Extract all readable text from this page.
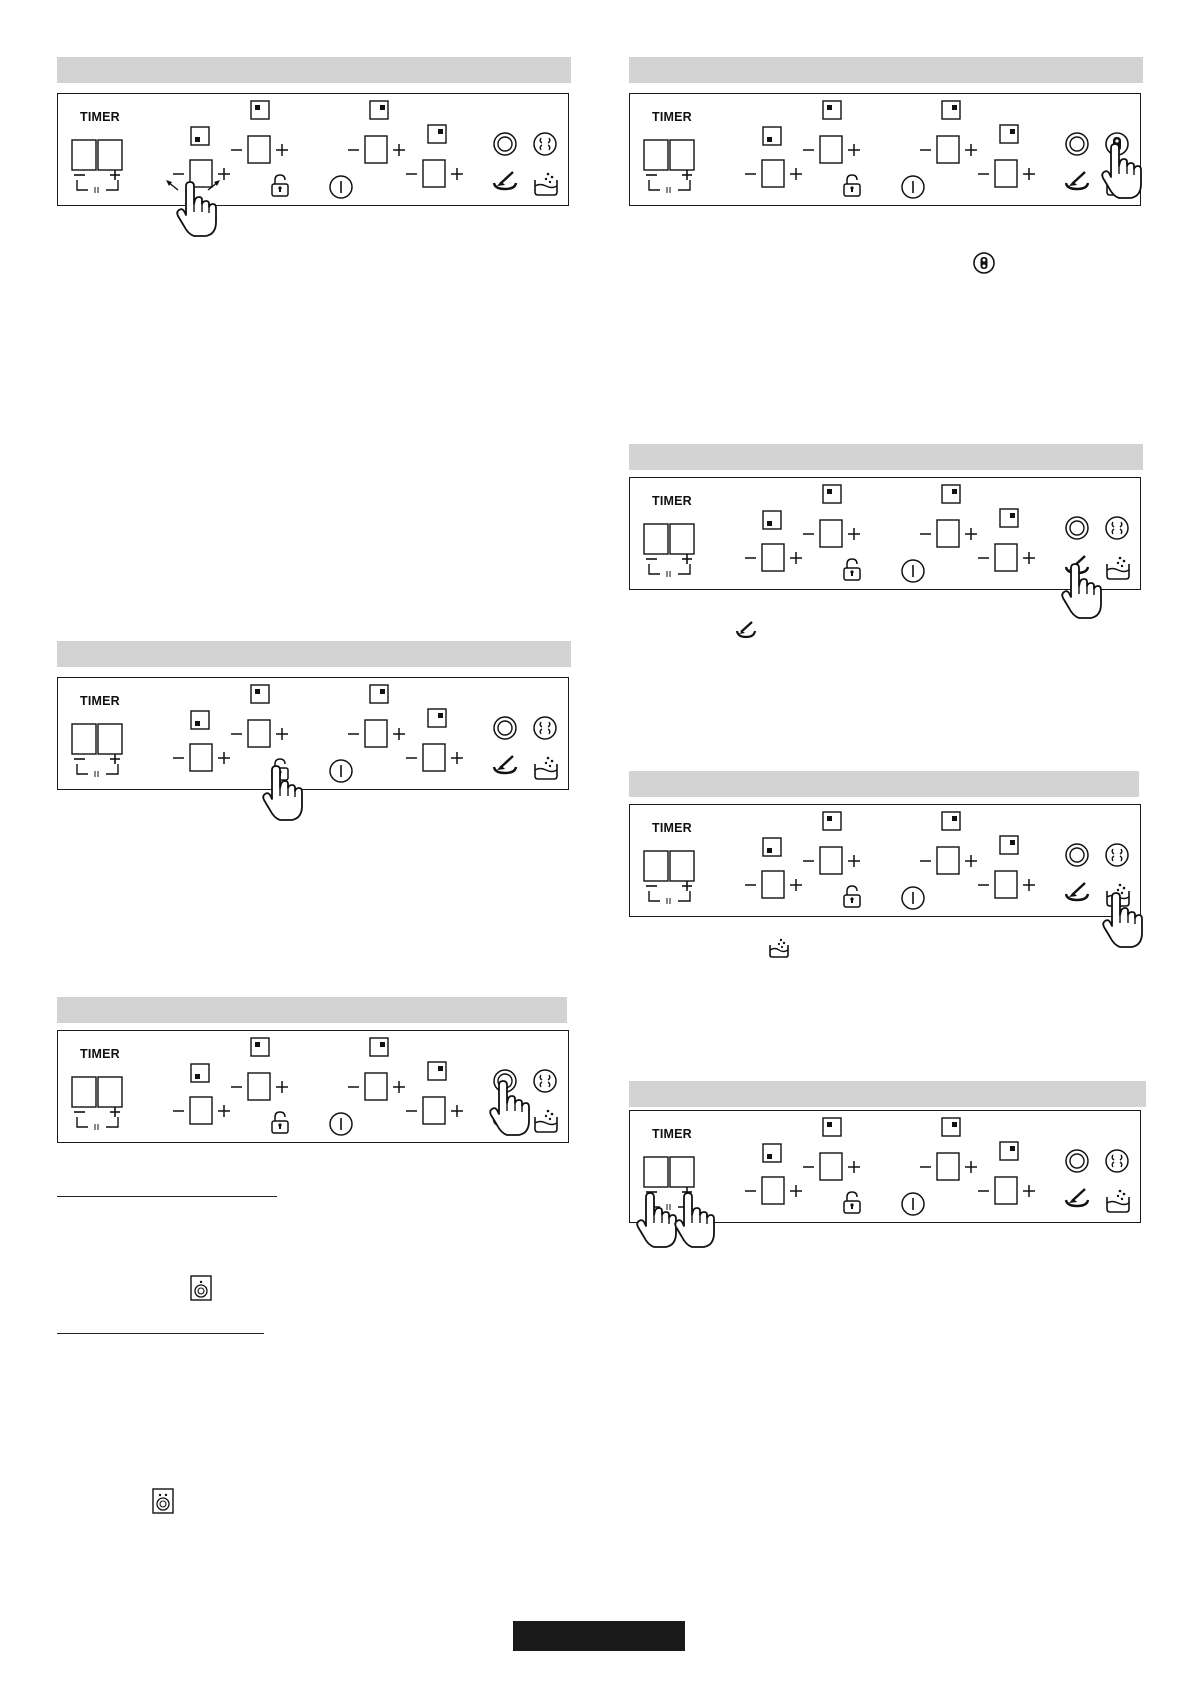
TIMER
TIMER
TIMER
TIMER
TIMER
TIMER
TIMER
